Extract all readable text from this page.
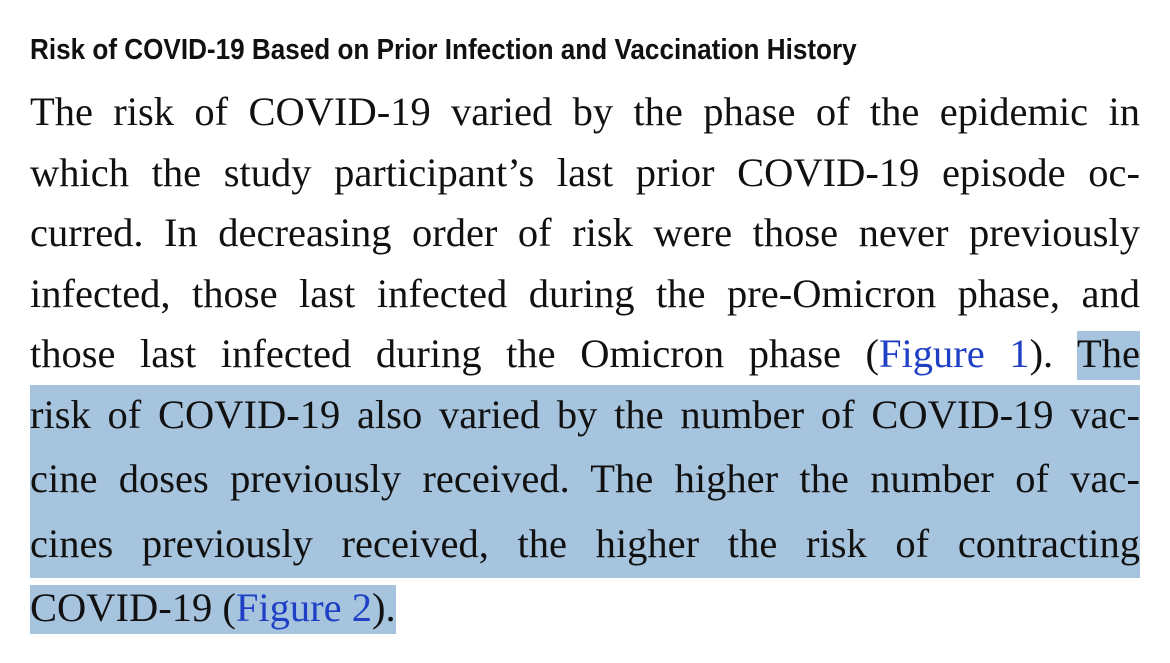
Risk of COVID-19 Based on Prior Infection and Vaccination History
The risk of COVID-19 varied by the phase of the epidemic in
which the study participant’s last prior COVID-19 episode oc-
curred. In decreasing order of risk were those never previously
infected, those last infected during the pre-Omicron phase, and
those last infected during the Omicron phase (Figure 1). The
risk of COVID-19 also varied by the number of COVID-19 vac-
cine doses previously received. The higher the number of vac-
cines previously received, the higher the risk of contracting
COVID-19 (Figure 2).
